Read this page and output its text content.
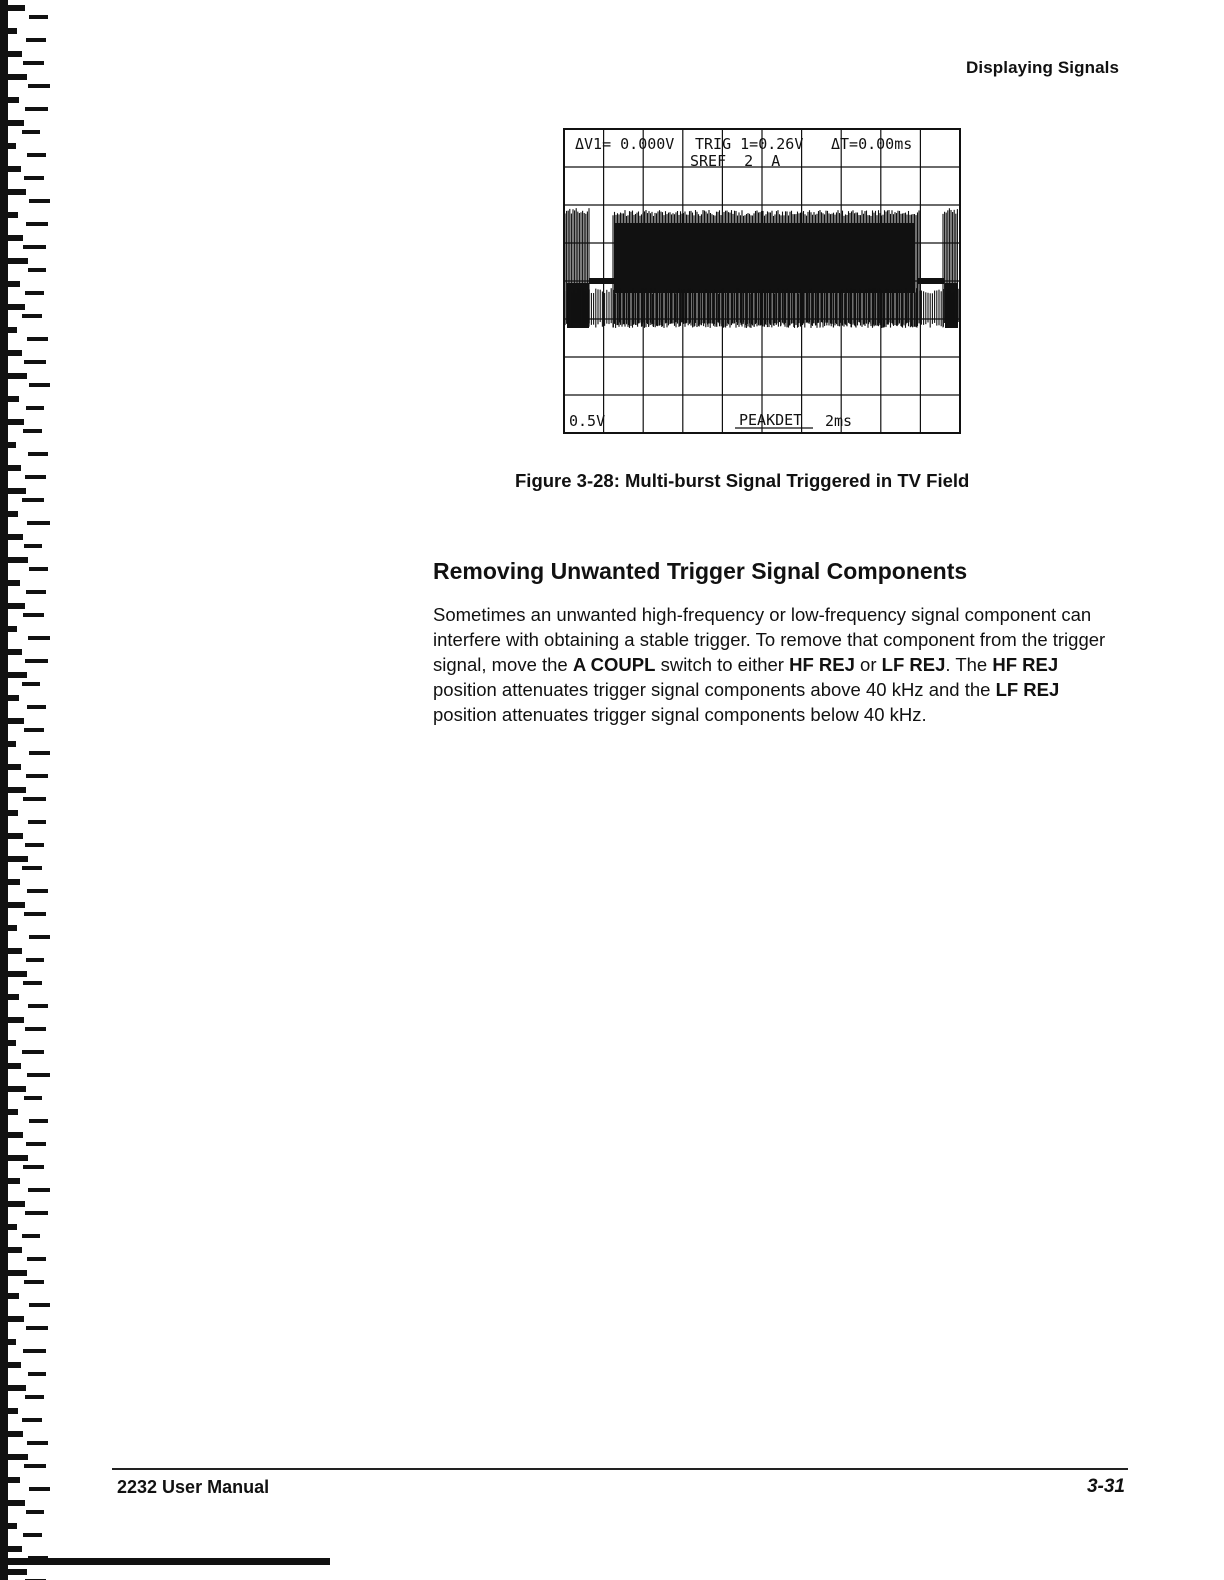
Displaying Signals
ΔV1= 0.000V TRIG 1=0.26V ΔT=0.00ms
SREF  2  A
0.5V	PEAKDET 2ms
Figure 3-28: Multi-burst Signal Triggered in TV Field
Removing Unwanted Trigger Signal Components
Sometimes an unwanted high-frequency or low-frequency signal component can interfere with obtaining a stable trigger. To remove that component from the trigger signal, move the A COUPL switch to either HF REJ or LF REJ. The HF REJ position attenuates trigger signal components above 40 kHz and the LF REJ position attenuates trigger signal components below 40 kHz.
2232 User Manual	3-31
